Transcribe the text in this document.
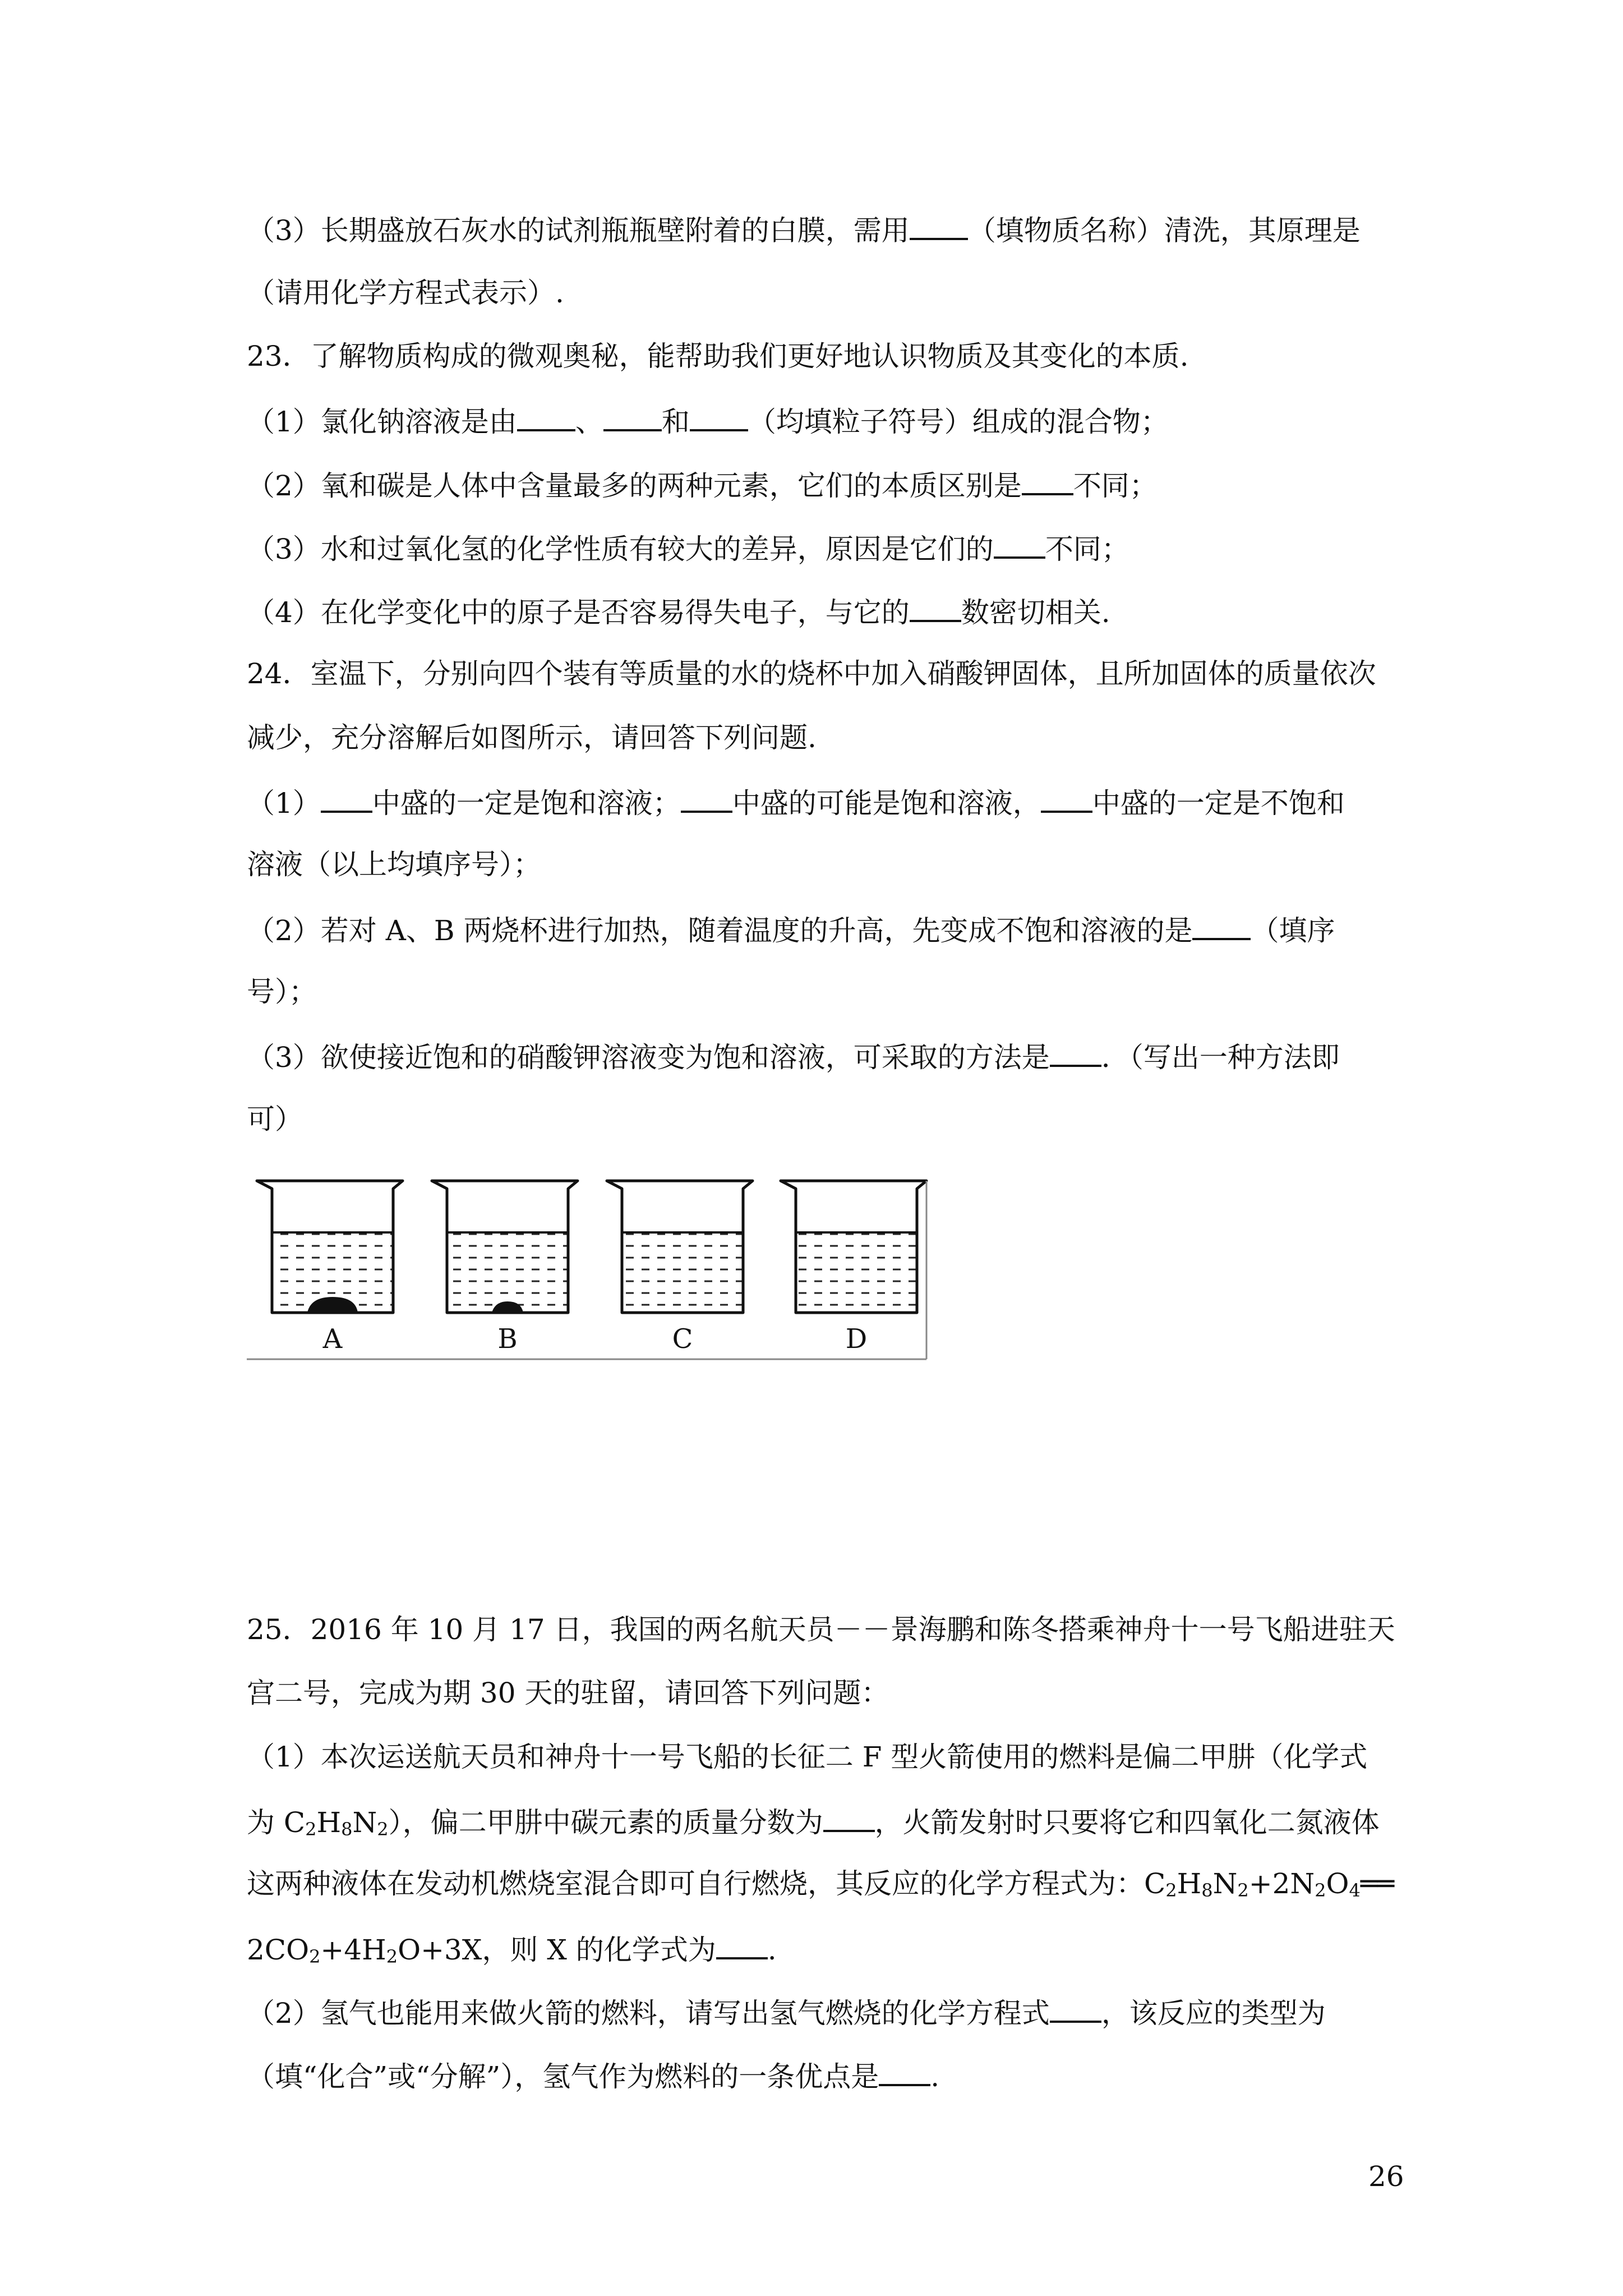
（3）长期盛放石灰水的试剂瓶瓶壁附着的白膜，需用 （填物质名称）清洗，其原理是
（请用化学方程式表示）.
23．了解物质构成的微观奥秘，能帮助我们更好地认识物质及其变化的本质.
（1）氯化钠溶液是由 、 和 （均填粒子符号）组成的混合物；
（2）氧和碳是人体中含量最多的两种元素，它们的本质区别是 不同；
（3）水和过氧化氢的化学性质有较大的差异，原因是它们的 不同；
（4）在化学变化中的原子是否容易得失电子，与它的 数密切相关.
24．室温下，分别向四个装有等质量的水的烧杯中加入硝酸钾固体，且所加固体的质量依次
减少，充分溶解后如图所示，请回答下列问题.
（1） 中盛的一定是饱和溶液； 中盛的可能是饱和溶液， 中盛的一定是不饱和
溶液（以上均填序号）；
（2）若对 A、B 两烧杯进行加热，随着温度的升高，先变成不饱和溶液的是 （填序
号）；
（3）欲使接近饱和的硝酸钾溶液变为饱和溶液，可采取的方法是 ．（写出一种方法即
可）
A	B	C	D
25．2016 年 10 月 17 日，我国的两名航天员－－景海鹏和陈冬搭乘神舟十一号飞船进驻天
宫二号，完成为期 30 天的驻留，请回答下列问题：
（1）本次运送航天员和神舟十一号飞船的长征二 F 型火箭使用的燃料是偏二甲肼（化学式
为 $C_2H_8N_2$），偏二甲肼中碳元素的质量分数为 ，火箭发射时只要将它和四氧化二氮液体
这两种液体在发动机燃烧室混合即可自行燃烧，其反应的化学方程式为：$C_2H_8N_2+2N_2O_4══$
$2CO_2+4H_2O+3X$，则 X 的化学式为 .
（2）氢气也能用来做火箭的燃料，请写出氢气燃烧的化学方程式 ，该反应的类型为
（填“化合”或“分解”），氢气作为燃料的一条优点是 .
26
